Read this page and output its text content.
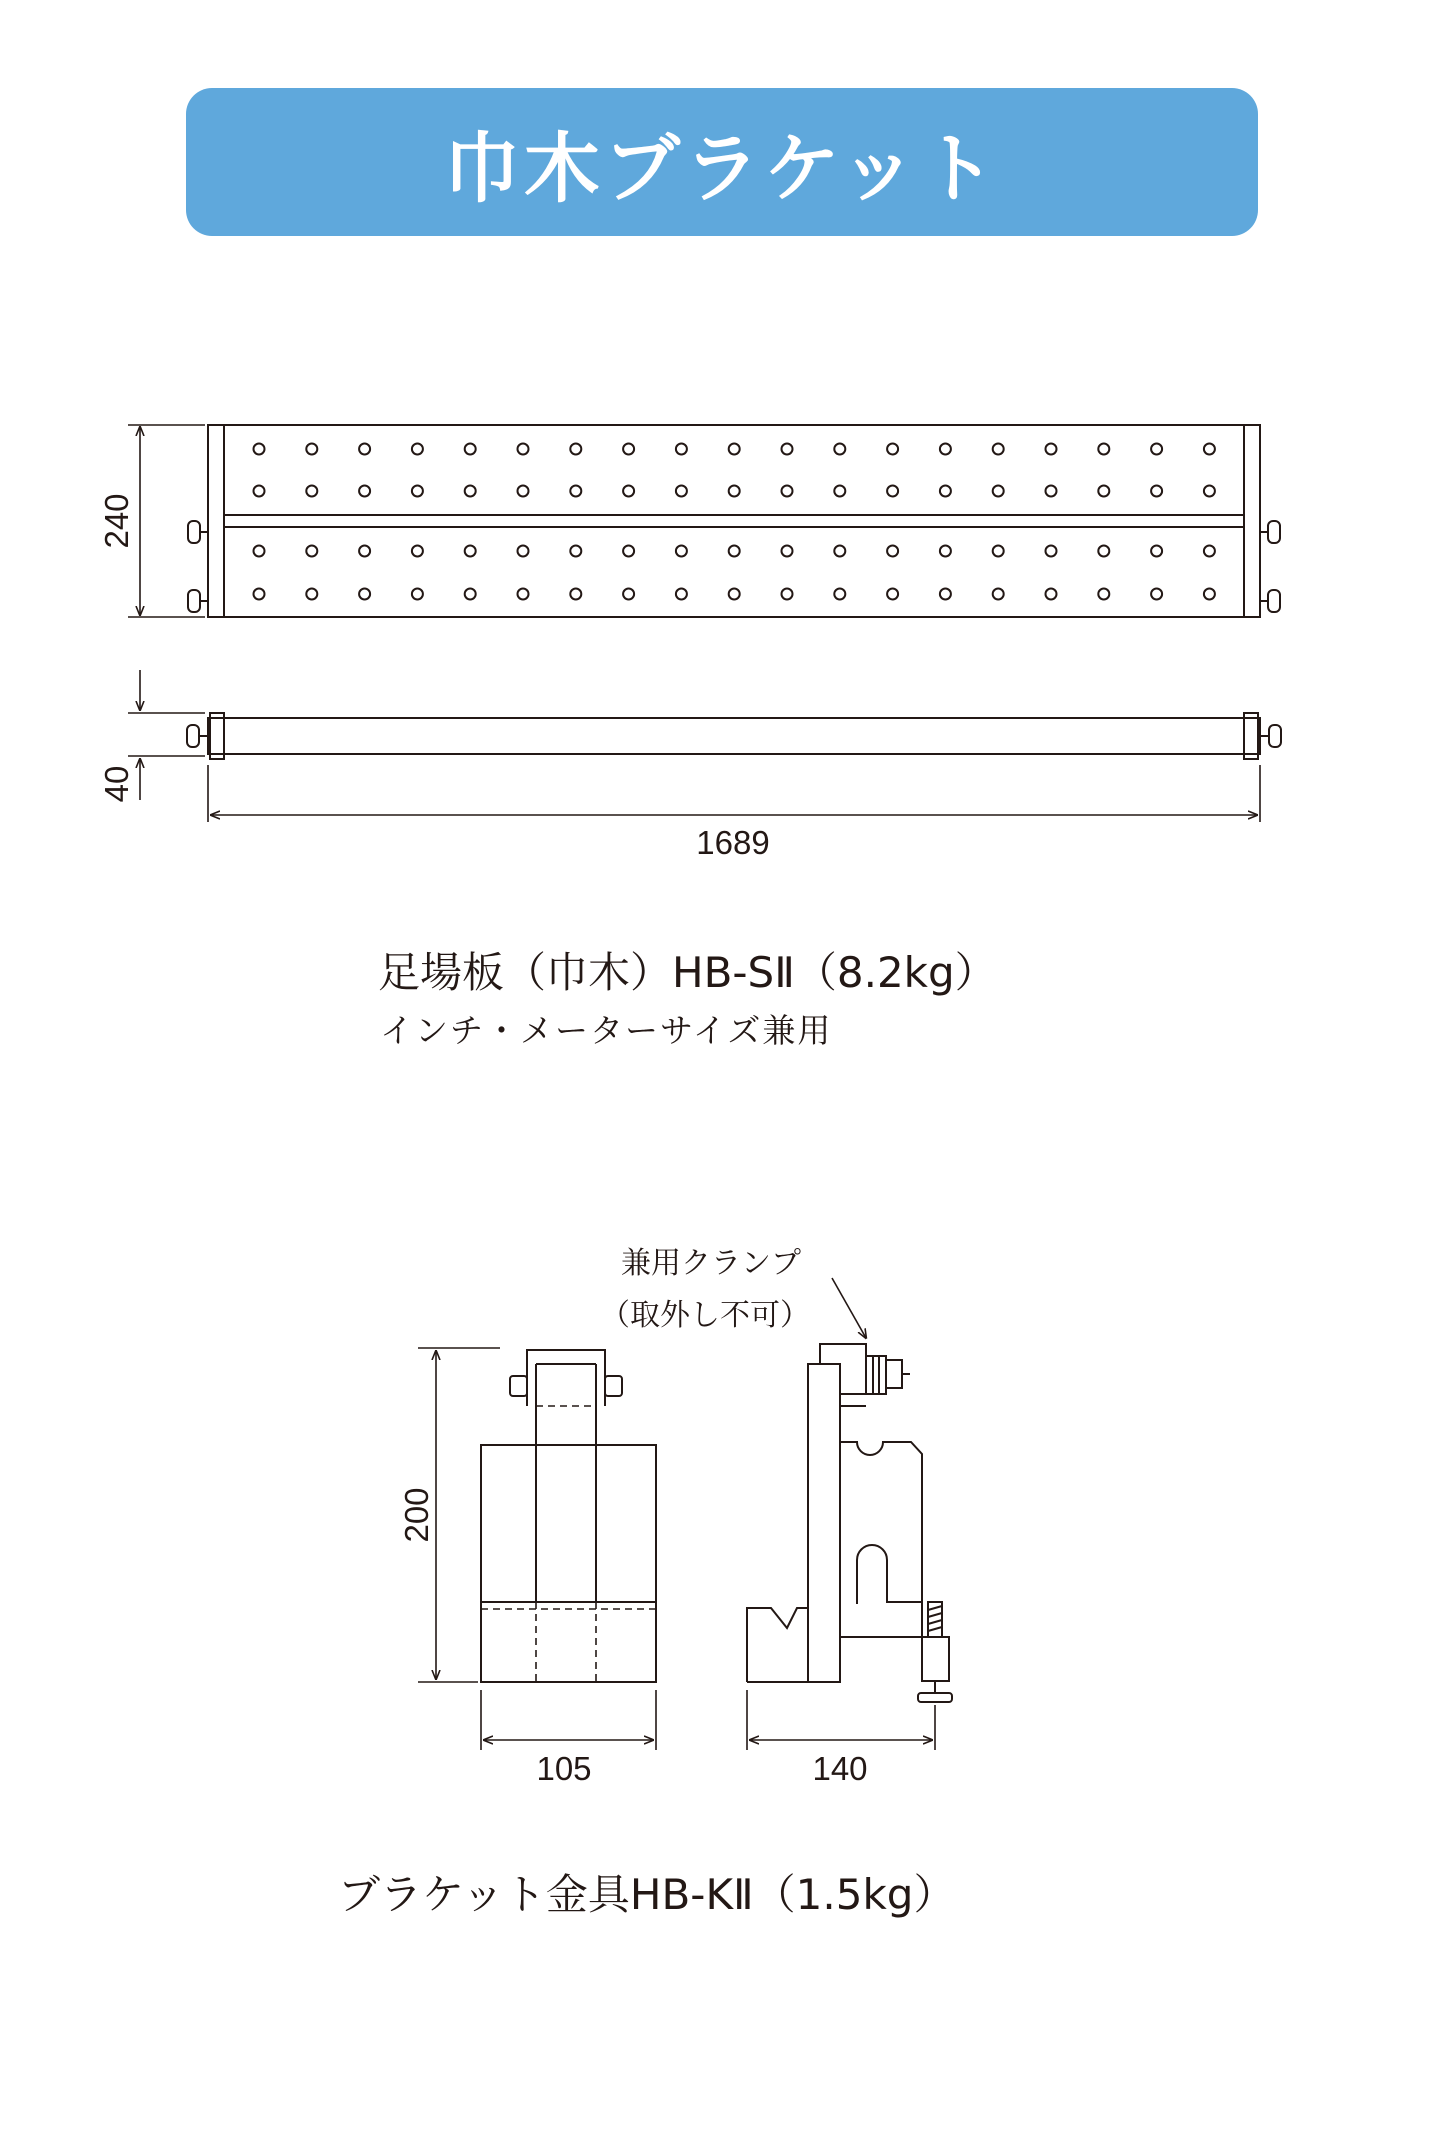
巾木ブラケット
240
40
1689
200
105	140
兼用クランプ
（取外し不可）
足場板（巾木）HB-SⅡ（8.2kg）
インチ・メーターサイズ兼用
ブラケット金具HB-KⅡ（1.5kg）
